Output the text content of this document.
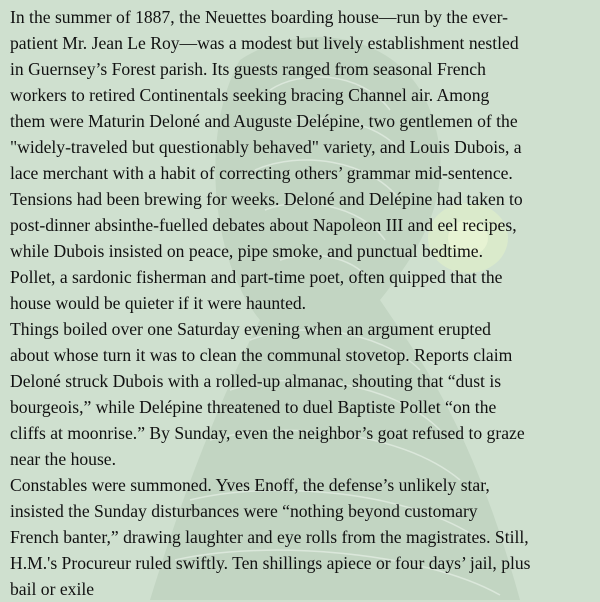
In the summer of 1887, the Neuettes boarding house—run by the ever-
patient Mr. Jean Le Roy—was a modest but lively establishment nestled
in Guernsey’s Forest parish. Its guests ranged from seasonal French
workers to retired Continentals seeking bracing Channel air. Among
them were Maturin Deloné and Auguste Delépine, two gentlemen of the
"widely-traveled but questionably behaved" variety, and Louis Dubois, a
lace merchant with a habit of correcting others’ grammar mid-sentence.
Tensions had been brewing for weeks. Deloné and Delépine had taken to
post-dinner absinthe-fuelled debates about Napoleon III and eel recipes,
while Dubois insisted on peace, pipe smoke, and punctual bedtime.
Pollet, a sardonic fisherman and part-time poet, often quipped that the
house would be quieter if it were haunted.
Things boiled over one Saturday evening when an argument erupted
about whose turn it was to clean the communal stovetop. Reports claim
Deloné struck Dubois with a rolled-up almanac, shouting that “dust is
bourgeois,” while Delépine threatened to duel Baptiste Pollet “on the
cliffs at moonrise.” By Sunday, even the neighbor’s goat refused to graze
near the house.
Constables were summoned. Yves Enoff, the defense’s unlikely star,
insisted the Sunday disturbances were “nothing beyond customary
French banter,” drawing laughter and eye rolls from the magistrates. Still,
H.M.'s Procureur ruled swiftly. Ten shillings apiece or four days’ jail, plus
bail or exile
